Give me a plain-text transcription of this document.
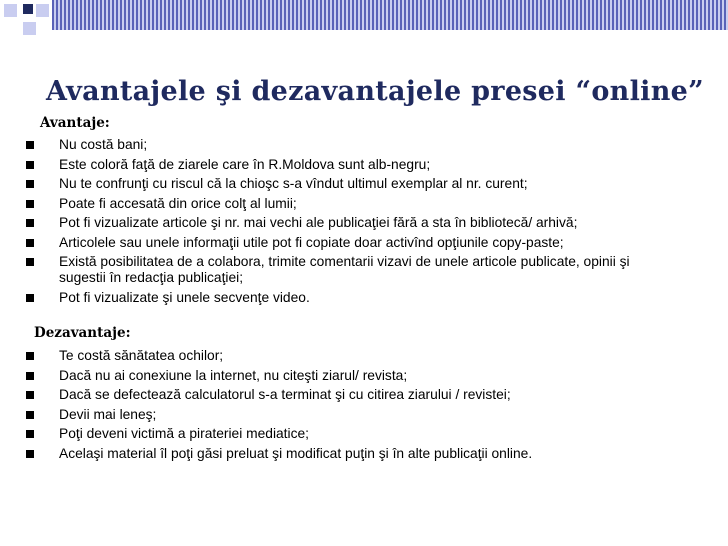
Avantajele şi dezavantajele presei “online”
Avantaje:
Nu costă bani;
Este coloră faţă de ziarele care în R.Moldova sunt alb-negru;
Nu te confrunţi cu riscul că la chioşc s-a vîndut ultimul exemplar al nr. curent;
Poate fi accesată din orice colţ al lumii;
Pot fi vizualizate articole şi nr. mai vechi ale publicaţiei fără a sta în bibliotecă/ arhivă;
Articolele sau unele informaţii utile pot fi copiate doar activînd opţiunile copy-paste;
Există posibilitatea de a colabora, trimite comentarii vizavi de unele articole publicate, opinii şi sugestii în redacţia publicaţiei;
Pot fi vizualizate şi unele secvenţe video.
Dezavantaje:
Te costă sănătatea ochilor;
Dacă nu ai conexiune la internet, nu citeşti ziarul/ revista;
Dacă se defectează calculatorul s-a terminat şi cu citirea ziarului / revistei;
Devii mai leneş;
Poţi deveni victimă a pirateriei mediatice;
Acelaşi material îl poţi găsi preluat şi modificat puţin şi în alte publicaţii online.
